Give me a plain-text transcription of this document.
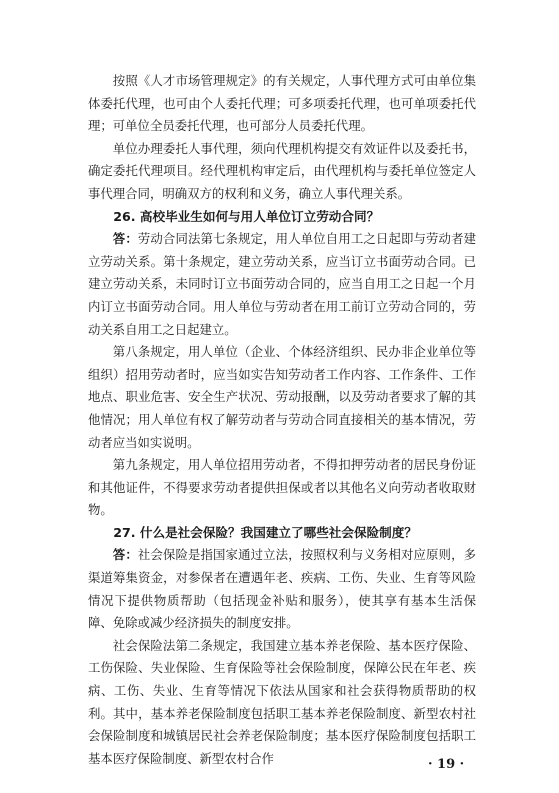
按照《人才市场管理规定》的有关规定，人事代理方式可由单位集体委托代理，也可由个人委托代理；可多项委托代理，也可单项委托代理；可单位全员委托代理，也可部分人员委托代理。

单位办理委托人事代理，须向代理机构提交有效证件以及委托书，确定委托代理项目。经代理机构审定后，由代理机构与委托单位签定人事代理合同，明确双方的权利和义务，确立人事代理关系。

26. 高校毕业生如何与用人单位订立劳动合同？

答：劳动合同法第七条规定，用人单位自用工之日起即与劳动者建立劳动关系。第十条规定，建立劳动关系，应当订立书面劳动合同。已建立劳动关系，未同时订立书面劳动合同的，应当自用工之日起一个月内订立书面劳动合同。用人单位与劳动者在用工前订立劳动合同的，劳动关系自用工之日起建立。

第八条规定，用人单位（企业、个体经济组织、民办非企业单位等组织）招用劳动者时，应当如实告知劳动者工作内容、工作条件、工作地点、职业危害、安全生产状况、劳动报酬，以及劳动者要求了解的其他情况；用人单位有权了解劳动者与劳动合同直接相关的基本情况，劳动者应当如实说明。

第九条规定，用人单位招用劳动者，不得扣押劳动者的居民身份证和其他证件，不得要求劳动者提供担保或者以其他名义向劳动者收取财物。

27. 什么是社会保险？我国建立了哪些社会保险制度？

答：社会保险是指国家通过立法，按照权利与义务相对应原则，多渠道筹集资金，对参保者在遭遇年老、疾病、工伤、失业、生育等风险情况下提供物质帮助（包括现金补贴和服务），使其享有基本生活保障、免除或减少经济损失的制度安排。

社会保险法第二条规定，我国建立基本养老保险、基本医疗保险、工伤保险、失业保险、生育保险等社会保险制度，保障公民在年老、疾病、工伤、失业、生育等情况下依法从国家和社会获得物质帮助的权利。其中，基本养老保险制度包括职工基本养老保险制度、新型农村社会保险制度和城镇居民社会养老保险制度；基本医疗保险制度包括职工基本医疗保险制度、新型农村合作	· 19 ·
